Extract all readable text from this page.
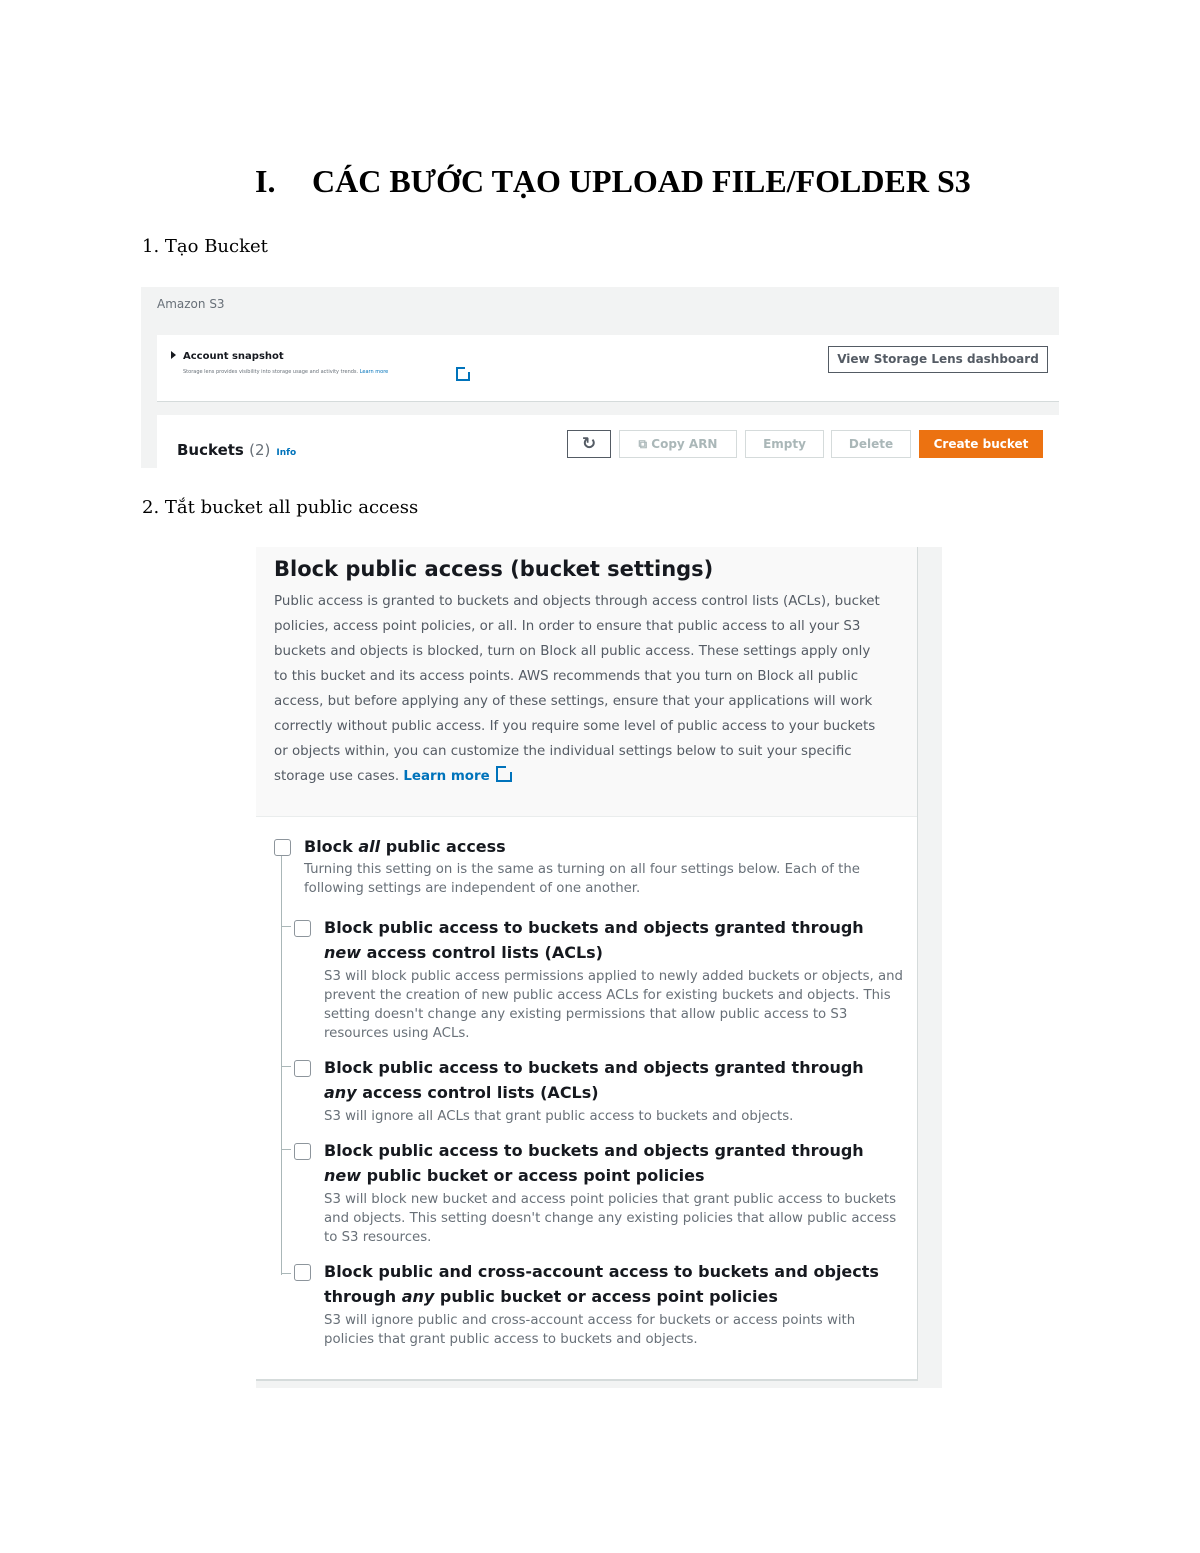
I. CÁC BƯỚC TẠO UPLOAD FILE/FOLDER S3
1. Tạo Bucket
Amazon S3
Account snapshot
Storage lens provides visibility into storage usage and activity trends. Learn more
View Storage Lens dashboard
Buckets (2) Info	↻	⧉ Copy ARN	Empty	Delete	Create bucket
2. Tắt bucket all public access
Block public access (bucket settings)
Public access is granted to buckets and objects through access control lists (ACLs), bucket policies, access point policies, or all. In order to ensure that public access to all your S3 buckets and objects is blocked, turn on Block all public access. These settings apply only to this bucket and its access points. AWS recommends that you turn on Block all public access, but before applying any of these settings, ensure that your applications will work correctly without public access. If you require some level of public access to your buckets or objects within, you can customize the individual settings below to suit your specific storage use cases. Learn more
Block all public access
Turning this setting on is the same as turning on all four settings below. Each of the following settings are independent of one another.
Block public access to buckets and objects granted through new access control lists (ACLs)
S3 will block public access permissions applied to newly added buckets or objects, and prevent the creation of new public access ACLs for existing buckets and objects. This setting doesn't change any existing permissions that allow public access to S3 resources using ACLs.
Block public access to buckets and objects granted through any access control lists (ACLs)
S3 will ignore all ACLs that grant public access to buckets and objects.
Block public access to buckets and objects granted through new public bucket or access point policies
S3 will block new bucket and access point policies that grant public access to buckets and objects. This setting doesn't change any existing policies that allow public access to S3 resources.
Block public and cross-account access to buckets and objects through any public bucket or access point policies
S3 will ignore public and cross-account access for buckets or access points with policies that grant public access to buckets and objects.
